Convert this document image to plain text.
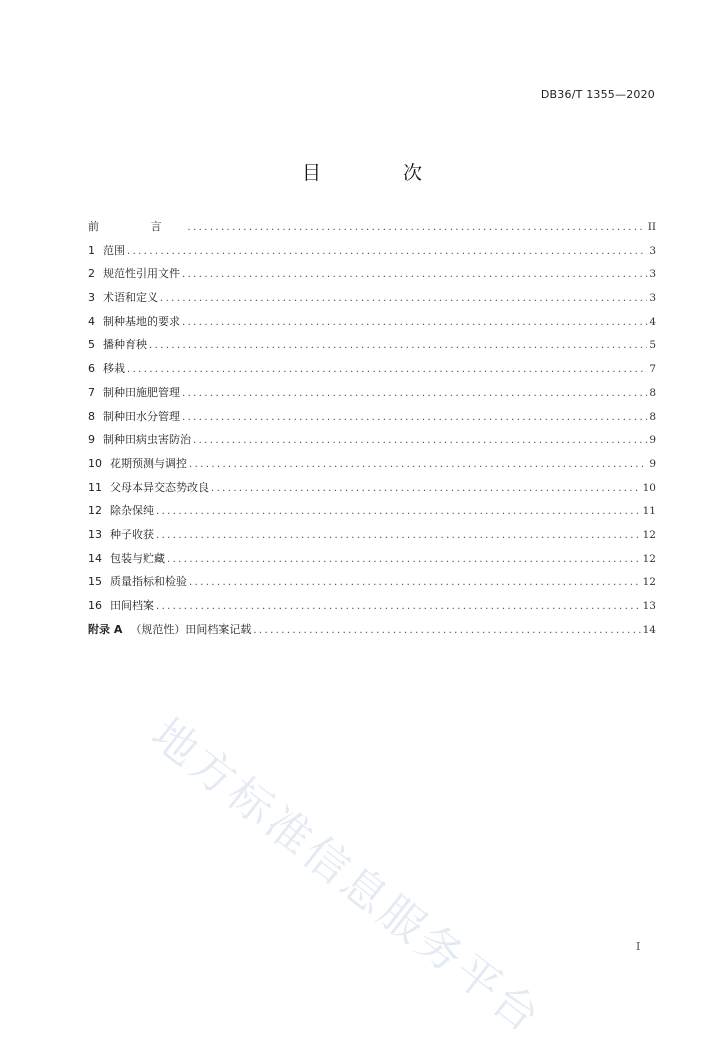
DB36/T 1355—2020
目 次
前 言 .....	II
1 范围 .....	3
2 规范性引用文件 .....	3
3 术语和定义 .....	3
4 制种基地的要求 .....	4
5 播种育秧 .....	5
6 移栽 .....	7
7 制种田施肥管理 .....	8
8 制种田水分管理 .....	8
9 制种田病虫害防治 .....	9
10 花期预测与调控 .....	9
11 父母本异交态势改良 .....	10
12 除杂保纯 .....	11
13 种子收获 .....	12
14 包装与贮藏 .....	12
15 质量指标和检验 .....	12
16 田间档案 .....	13
附录 A （规范性）田间档案记载 .....	14
地方标准信息服务平台	I
